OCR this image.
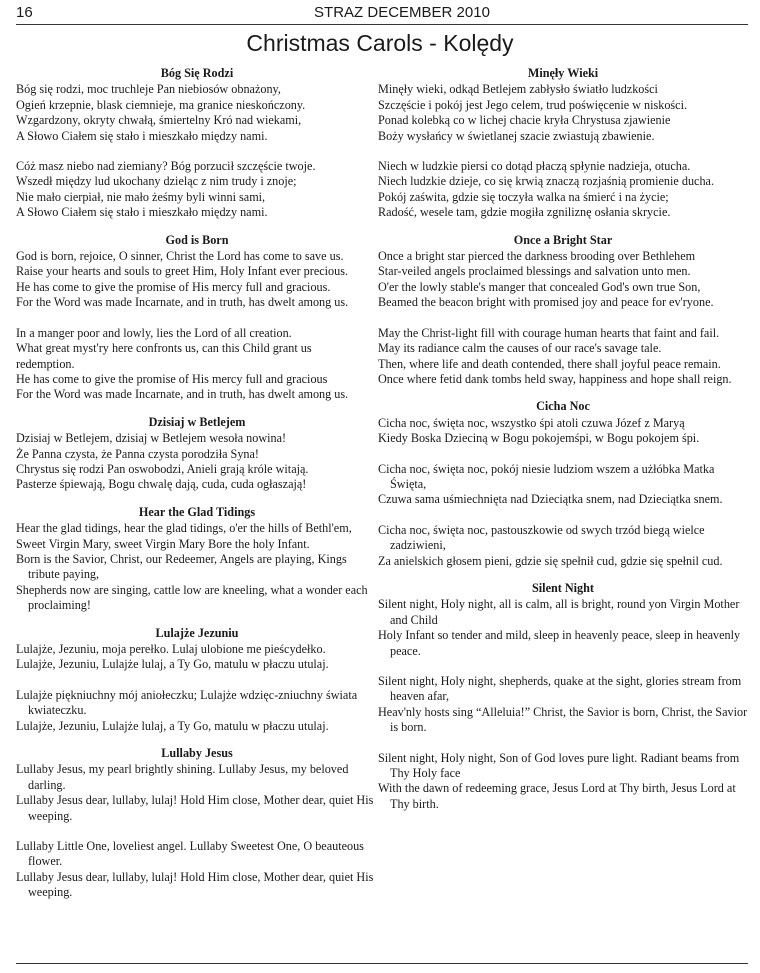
16	STRAZ DECEMBER 2010
Christmas Carols - Kolędy
Bóg Się Rodzi
Bóg się rodzi, moc truchleje Pan niebiosów obnażony,
Ogień krzepnie, blask ciemnieje, ma granice nieskończony.
Wzgardzony, okryty chwałą, śmiertelny Kró nad wiekami,
A Słowo Ciałem się stało i mieszkało między nami.
Cóż masz niebo nad ziemiany? Bóg porzucił szczęście twoje.
Wszedł między lud ukochany dzieląc z nim trudy i znoje;
Nie mało cierpiał, nie mało żeśmy byli winni sami,
A Słowo Ciałem się stało i mieszkało między nami.
God is Born
God is born, rejoice, O sinner, Christ the Lord has come to save us.
Raise your hearts and souls to greet Him, Holy Infant ever precious.
He has come to give the promise of His mercy full and gracious.
For the Word was made Incarnate, and in truth, has dwelt among us.
In a manger poor and lowly, lies the Lord of all creation.
What great myst'ry here confronts us, can this Child grant us
redemption.
He has come to give the promise of His mercy full and gracious
For the Word was made Incarnate, and in truth, has dwelt among us.
Dzisiaj w Betlejem
Dzisiaj w Betlejem, dzisiaj w Betlejem wesoła nowina!
Że Panna czysta, że Panna czysta porodziła Syna!
Chrystus się rodzi Pan oswobodzi, Anieli grają króle witają.
Pasterze śpiewają, Bogu chwalę dają, cuda, cuda ogłaszają!
Hear the Glad Tidings
Hear the glad tidings, hear the glad tidings, o'er the hills of Bethl'em,
Sweet Virgin Mary, sweet Virgin Mary Bore the holy Infant.
Born is the Savior, Christ, our Redeemer, Angels are playing, Kings tribute paying,
Shepherds now are singing, cattle low are kneeling, what a wonder each proclaiming!
Lulajże Jezuniu
Lulajże, Jezuniu, moja perełko. Lulaj ulobione me pieścydełko.
Lulajże, Jezuniu, Lulajże lulaj, a Ty Go, matulu w płaczu utulaj.
Lulajże piękniuchny mój aniołeczku; Lulajże wdzięc-zniuchny świata kwiateczku.
Lulajże, Jezuniu, Lulajże lulaj, a Ty Go, matulu w płaczu utulaj.
Lullaby Jesus
Lullaby Jesus, my pearl brightly shining. Lullaby Jesus, my beloved darling.
Lullaby Jesus dear, lullaby, lulaj! Hold Him close, Mother dear, quiet His weeping.
Lullaby Little One, loveliest angel. Lullaby Sweetest One, O beauteous flower.
Lullaby Jesus dear, lullaby, lulaj! Hold Him close, Mother dear, quiet His weeping.
Minęły Wieki
Minęły wieki, odkąd Betlejem zabłysło światło ludzkości
Szczęście i pokój jest Jego celem, trud poświęcenie w niskości.
Ponad kolebką co w lichej chacie kryła Chrystusa zjawienie
Boży wysłańcy w świetlanej szacie zwiastują zbawienie.
Niech w ludzkie piersi co dotąd płaczą spłynie nadzieja, otucha.
Niech ludzkie dzieje, co się krwią znaczą rozjaśnią promienie ducha.
Pokój zaświta, gdzie się toczyła walka na śmierć i na życie;
Radość, wesele tam, gdzie mogiła zgniliznę osłania skrycie.
Once a Bright Star
Once a bright star pierced the darkness brooding over Bethlehem
Star-veiled angels proclaimed blessings and salvation unto men.
O'er the lowly stable's manger that concealed God's own true Son,
Beamed the beacon bright with promised joy and peace for ev'ryone.
May the Christ-light fill with courage human hearts that faint and fail.
May its radiance calm the causes of our race's savage tale.
Then, where life and death contended, there shall joyful peace remain.
Once where fetid dank tombs held sway, happiness and hope shall reign.
Cicha Noc
Cicha noc, święta noc, wszystko śpi atoli czuwa Józef z Maryą
Kiedy Boska Dzieciną w Bogu pokojemśpi, w Bogu pokojem śpi.
Cicha noc, święta noc, pokój niesie ludziom wszem a użłóbka Matka Święta,
Czuwa sama uśmiechnięta nad Dzieciątka snem, nad Dzieciątka snem.
Cicha noc, święta noc, pastouszkowie od swych trzód biegą wielce zadziwieni,
Za anielskich głosem pieni, gdzie się spełnił cud, gdzie się spełnil cud.
Silent Night
Silent night, Holy night, all is calm, all is bright, round yon Virgin Mother and Child
Holy Infant so tender and mild, sleep in heavenly peace, sleep in heavenly peace.
Silent night, Holy night, shepherds, quake at the sight, glories stream from heaven afar,
Heav'nly hosts sing “Alleluia!” Christ, the Savior is born, Christ, the Savior is born.
Silent night, Holy night, Son of God loves pure light. Radiant beams from Thy Holy face
With the dawn of redeeming grace, Jesus Lord at Thy birth, Jesus Lord at Thy birth.
